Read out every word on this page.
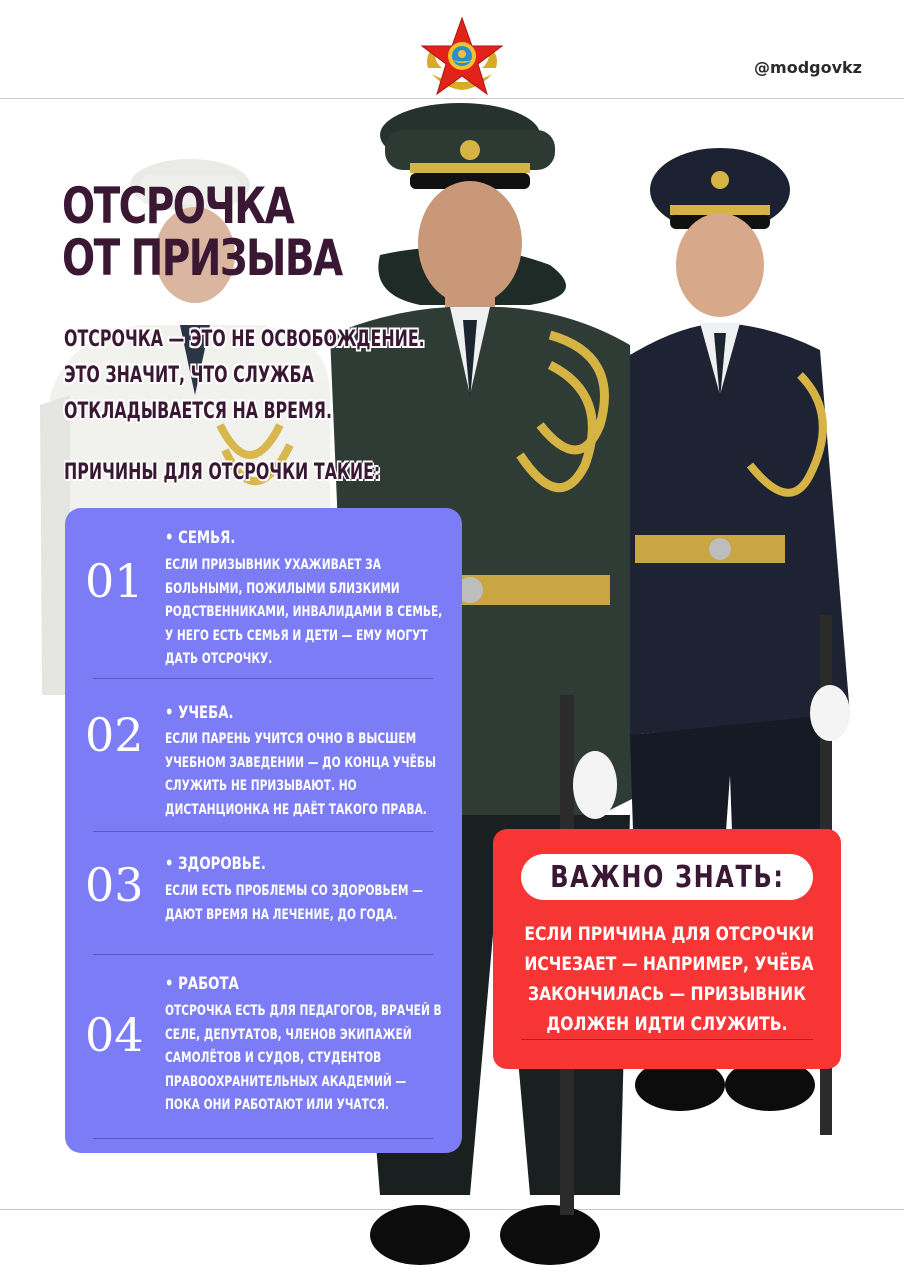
@modgovkz
ОТСРОЧКА
ОТ ПРИЗЫВА
ОТСРОЧКА — ЭТО НЕ ОСВОБОЖДЕНИЕ.
ЭТО ЗНАЧИТ, ЧТО СЛУЖБА
ОТКЛАДЫВАЕТСЯ НА ВРЕМЯ.
ПРИЧИНЫ ДЛЯ ОТСРОЧКИ ТАКИЕ:
01
• СЕМЬЯ.
ЕСЛИ ПРИЗЫВНИК УХАЖИВАЕТ ЗА
БОЛЬНЫМИ, ПОЖИЛЫМИ БЛИЗКИМИ
РОДСТВЕННИКАМИ, ИНВАЛИДАМИ В СЕМЬЕ,
У НЕГО ЕСТЬ СЕМЬЯ И ДЕТИ — ЕМУ МОГУТ
ДАТЬ ОТСРОЧКУ.
02 • УЧЕБА.
ЕСЛИ ПАРЕНЬ УЧИТСЯ ОЧНО В ВЫСШЕМ
УЧЕБНОМ ЗАВЕДЕНИИ — ДО КОНЦА УЧЁБЫ
СЛУЖИТЬ НЕ ПРИЗЫВАЮТ. НО
ДИСТАНЦИОНКА НЕ ДАЁТ ТАКОГО ПРАВА.
03 • ЗДОРОВЬЕ.
ЕСЛИ ЕСТЬ ПРОБЛЕМЫ СО ЗДОРОВЬЕМ —
ДАЮТ ВРЕМЯ НА ЛЕЧЕНИЕ, ДО ГОДА.
04
• РАБОТА
ОТСРОЧКА ЕСТЬ ДЛЯ ПЕДАГОГОВ, ВРАЧЕЙ В
СЕЛЕ, ДЕПУТАТОВ, ЧЛЕНОВ ЭКИПАЖЕЙ
САМОЛЁТОВ И СУДОВ, СТУДЕНТОВ
ПРАВООХРАНИТЕЛЬНЫХ АКАДЕМИЙ —
ПОКА ОНИ РАБОТАЮТ ИЛИ УЧАТСЯ.
ВАЖНО ЗНАТЬ:
ЕСЛИ ПРИЧИНА ДЛЯ ОТСРОЧКИ
ИСЧЕЗАЕТ — НАПРИМЕР, УЧЁБА
ЗАКОНЧИЛАСЬ — ПРИЗЫВНИК
ДОЛЖЕН ИДТИ СЛУЖИТЬ.
